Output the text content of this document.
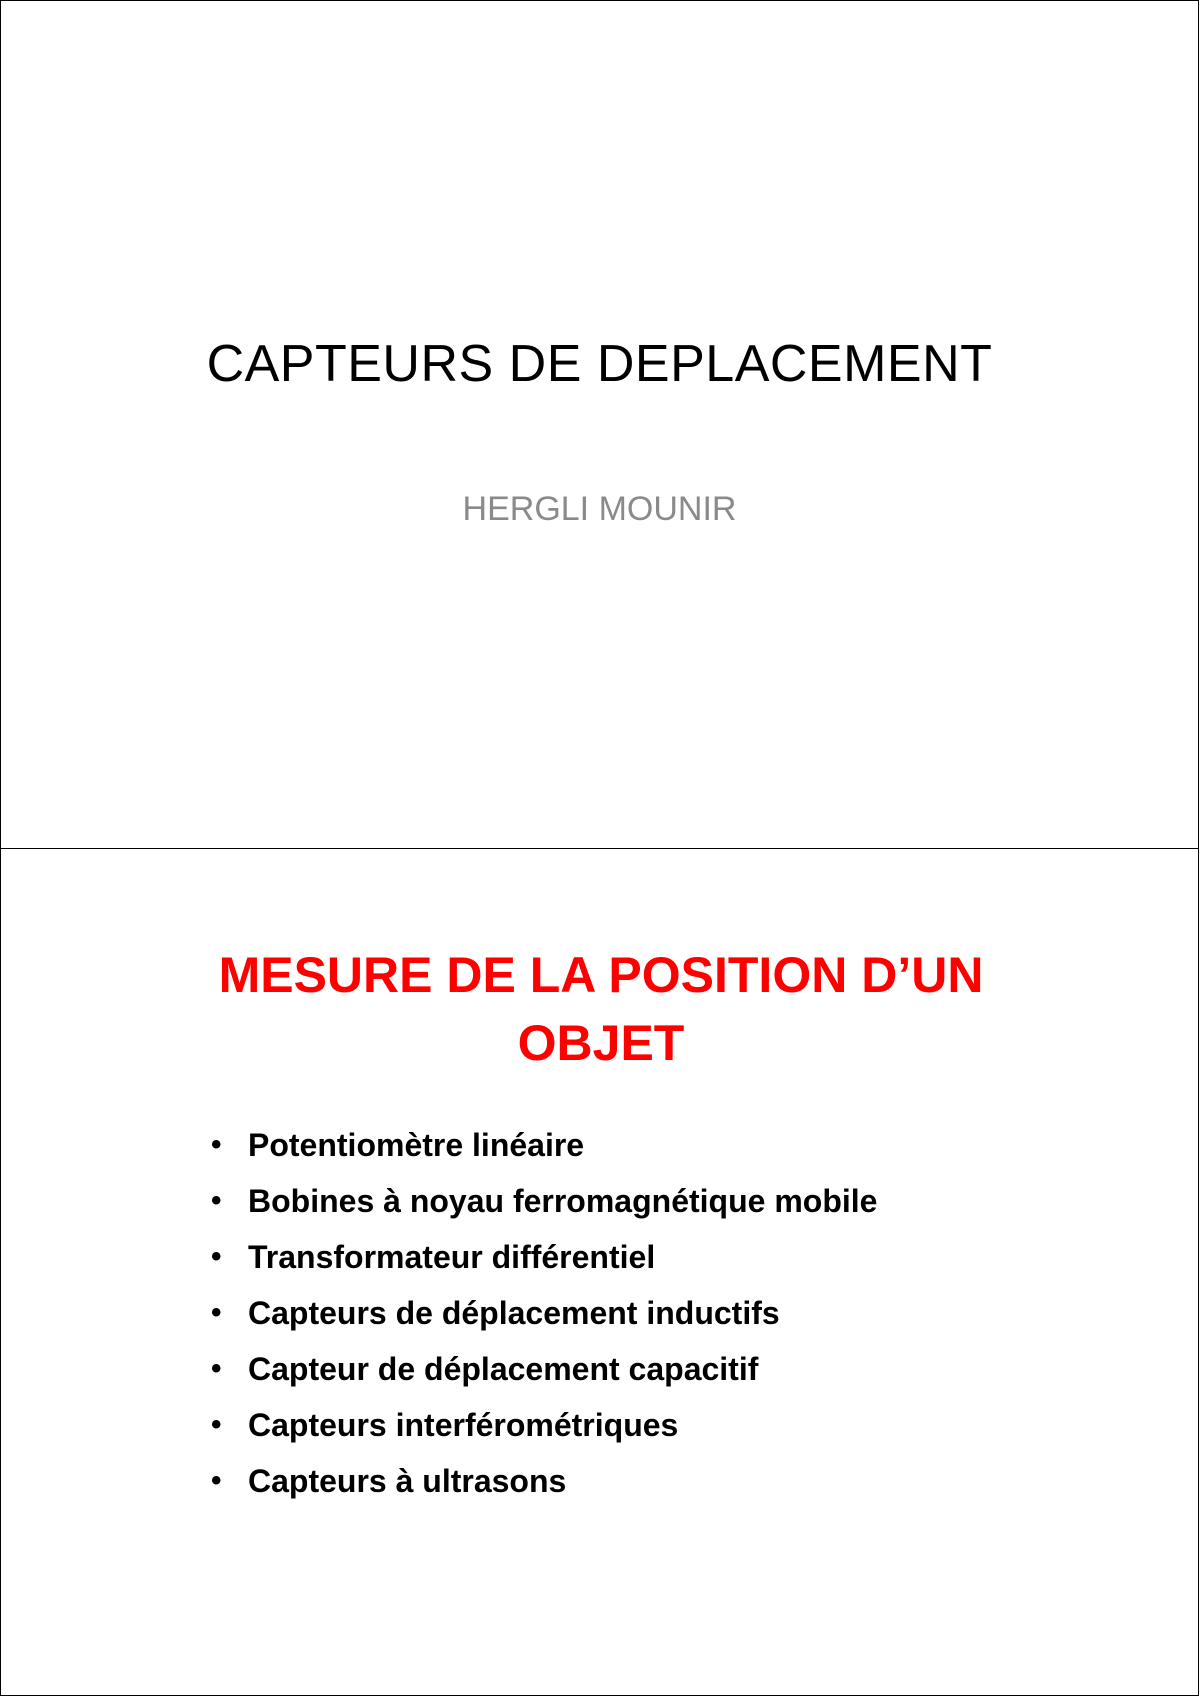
CAPTEURS DE DEPLACEMENT
HERGLI MOUNIR
MESURE DE LA POSITION D’UN
OBJET
• Potentiomètre linéaire
• Bobines à noyau ferromagnétique mobile
• Transformateur différentiel
• Capteurs de déplacement inductifs
• Capteur de déplacement capacitif
• Capteurs interférométriques
• Capteurs à ultrasons
